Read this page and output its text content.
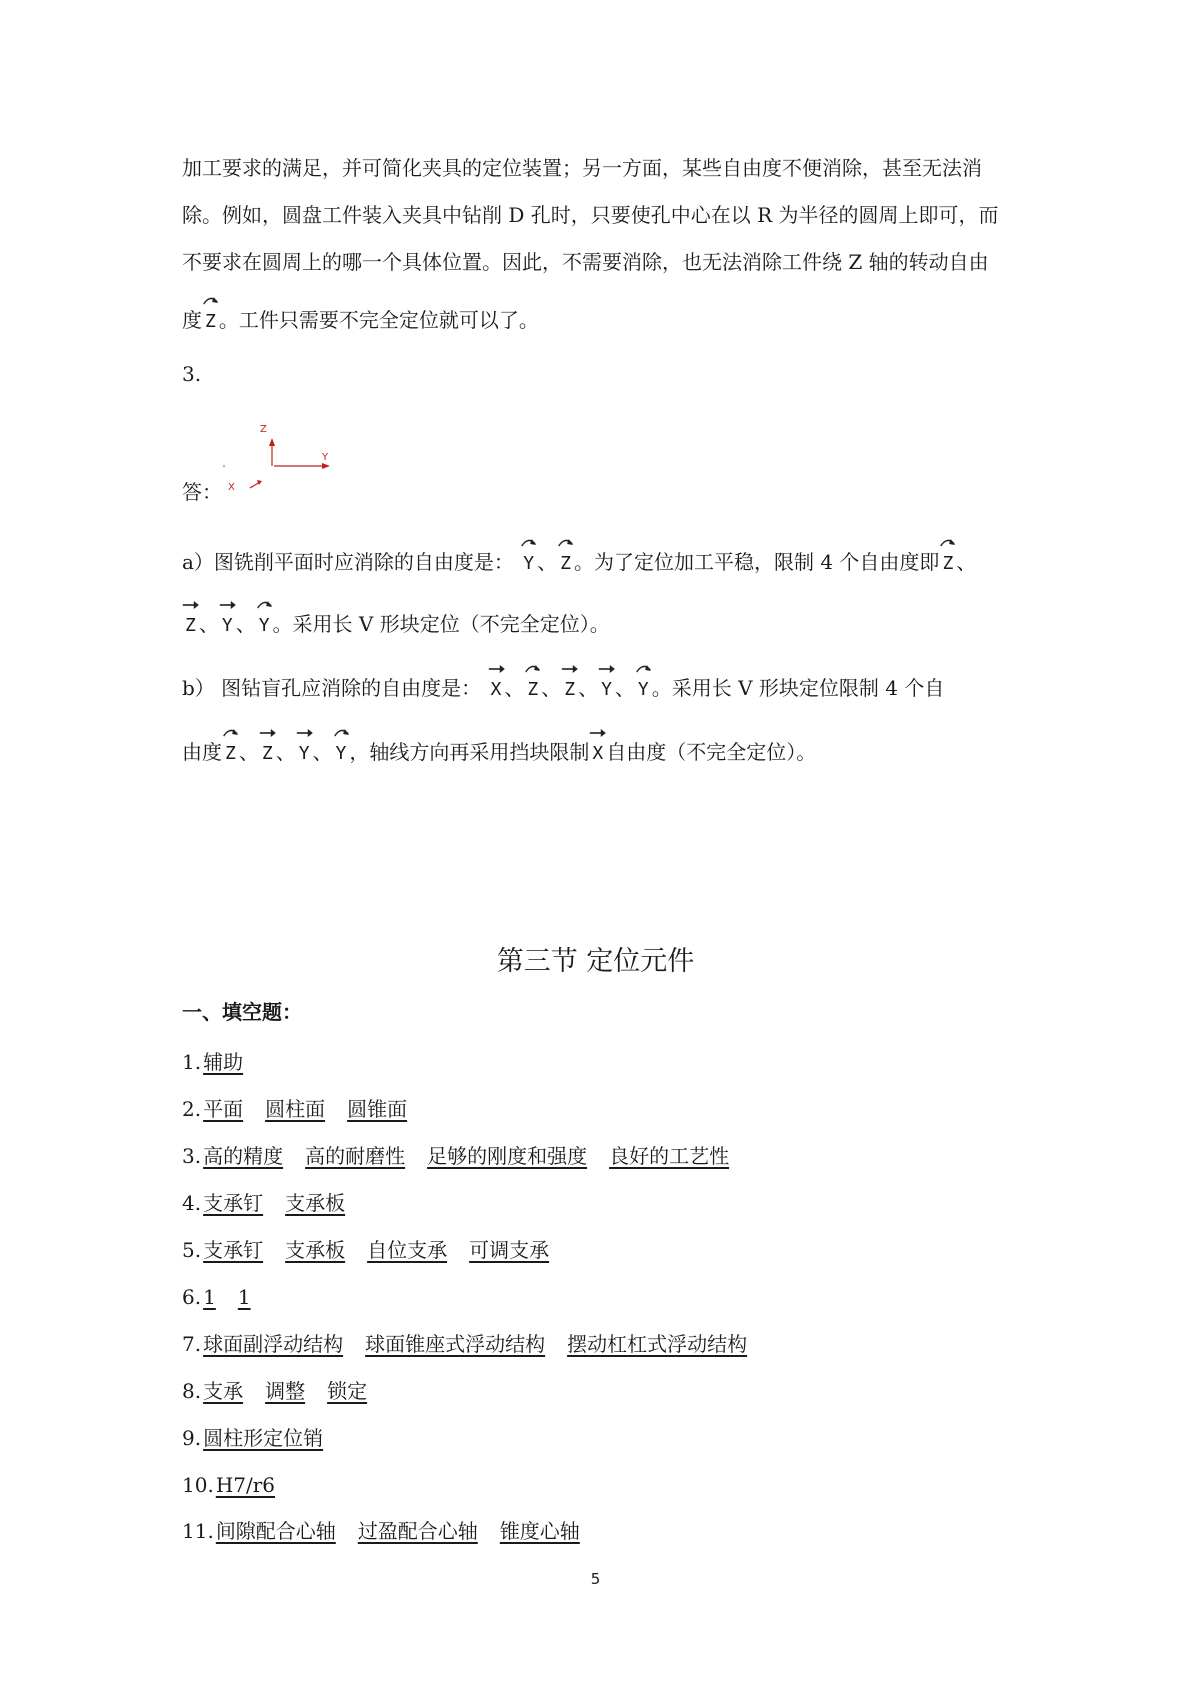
加工要求的满足，并可简化夹具的定位装置；另一方面，某些自由度不便消除，甚至无法消
除。例如，圆盘工件装入夹具中钻削 D 孔时，只要使孔中心在以 R 为半径的圆周上即可，而
不要求在圆周上的哪一个具体位置。因此，不需要消除，也无法消除工件绕 Z 轴的转动自由
度 Z 。工件只需要不完全定位就可以了。
3.
Z
Y
X
答：
a）图铣削平面时应消除的自由度是： Y 、 Z 。为了定位加工平稳，限制 4 个自由度即 Z 、
Z 、 Y 、 Y 。采用长 V 形块定位（不完全定位）。
b） 图钻盲孔应消除的自由度是： X 、 Z 、 Z 、 Y 、 Y 。采用长 V 形块定位限制 4 个自
由度 Z 、 Z 、 Y 、 Y ，轴线方向再采用挡块限制 X 自由度（不完全定位）。
第三节 定位元件
一、填空题：
1. 辅助
2. 平面 圆柱面 圆锥面
3. 高的精度 高的耐磨性 足够的刚度和强度 良好的工艺性
4. 支承钉 支承板
5. 支承钉 支承板 自位支承 可调支承
6. 1 1
7. 球面副浮动结构 球面锥座式浮动结构 摆动杠杠式浮动结构
8. 支承 调整 锁定
9. 圆柱形定位销
10. H7/r6
11. 间隙配合心轴 过盈配合心轴 锥度心轴
5
